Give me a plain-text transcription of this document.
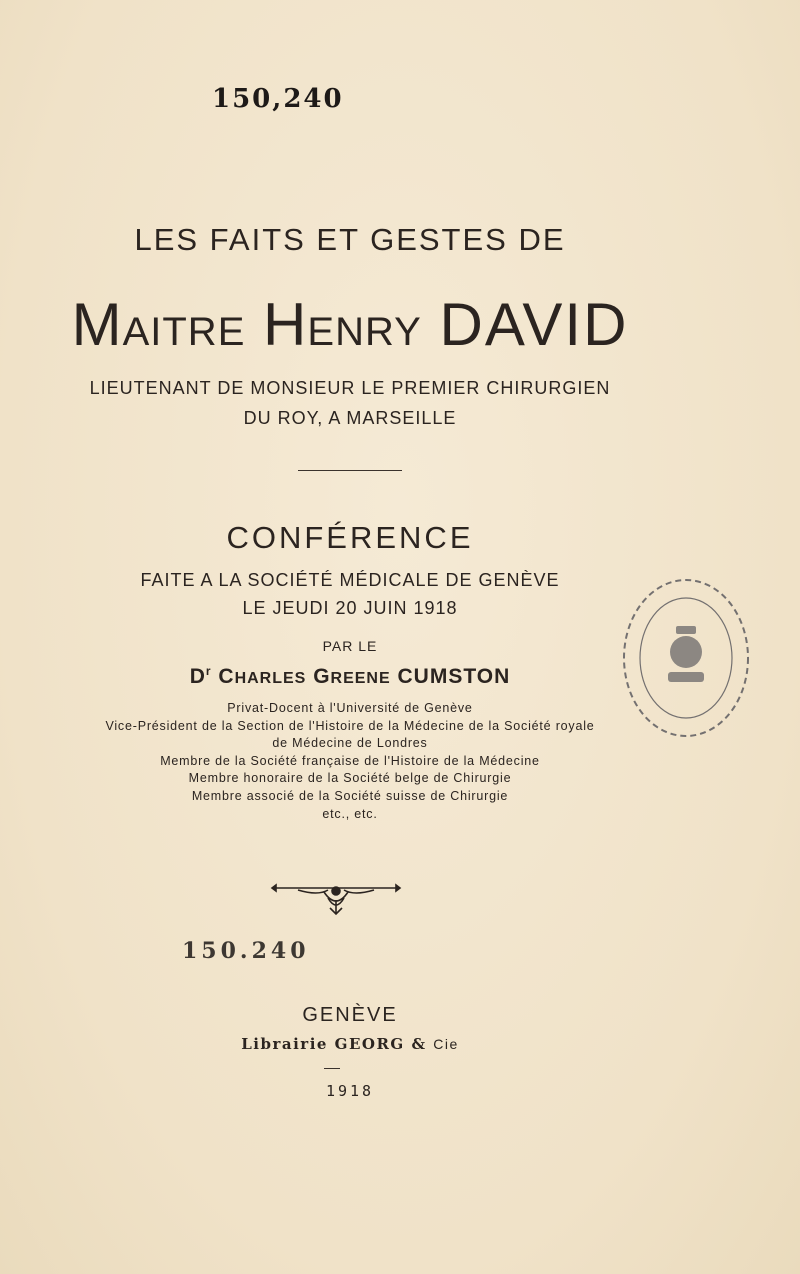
150,240
LES FAITS ET GESTES DE
MAITRE HENRY DAVID
LIEUTENANT DE MONSIEUR LE PREMIER CHIRURGIEN
DU ROY, A MARSEILLE
CONFÉRENCE
FAITE A LA SOCIÉTÉ MÉDICALE DE GENÈVE
LE JEUDI 20 JUIN 1918
PAR LE
$D^r$ CHARLES GREENE CUMSTON
Privat-Docent à l'Université de Genève
Vice-Président de la Section de l'Histoire de la Médecine de la Société royale
de Médecine de Londres
Membre de la Société française de l'Histoire de la Médecine
Membre honoraire de la Société belge de Chirurgie
Membre associé de la Société suisse de Chirurgie
etc., etc.
150.240
GENÈVE
Librairie GEORG & Cie
1918
